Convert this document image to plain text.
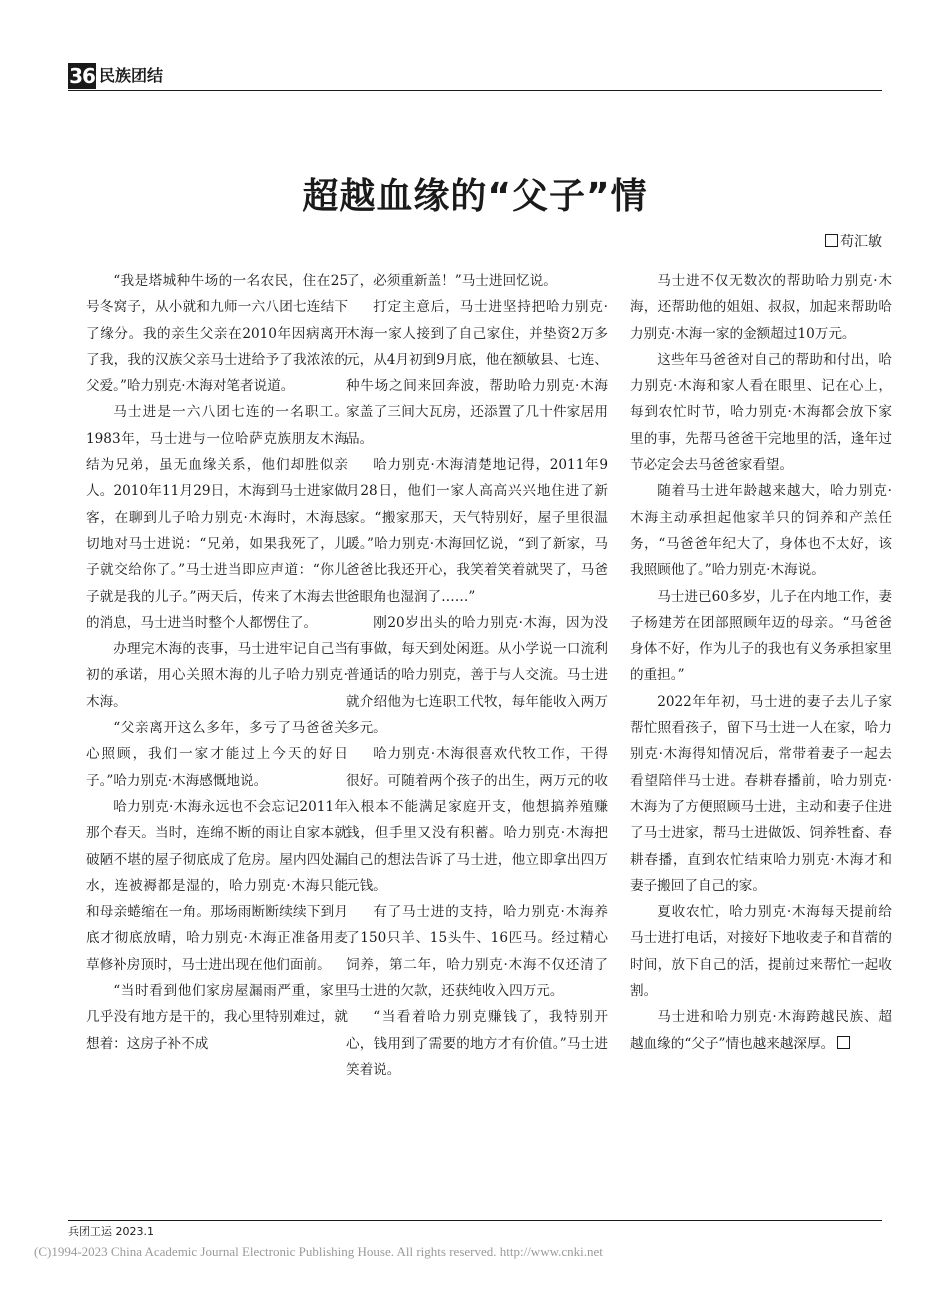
36 民族团结
超越血缘的“父子”情
苟汇敏

“我是塔城种牛场的一名农民，住在25号冬窝子，从小就和九师一六八团七连结下了缘分。我的亲生父亲在2010年因病离开了我，我的汉族父亲马士进给予了我浓浓的父爱。”哈力别克·木海对笔者说道。

马士进是一六八团七连的一名职工。1983年，马士进与一位哈萨克族朋友木海结为兄弟，虽无血缘关系，他们却胜似亲人。2010年11月29日，木海到马士进家做客，在聊到儿子哈力别克·木海时，木海恳切地对马士进说：“兄弟，如果我死了，儿子就交给你了。”马士进当即应声道：“你儿子就是我的儿子。”两天后，传来了木海去世的消息，马士进当时整个人都愣住了。

办理完木海的丧事，马士进牢记自己当初的承诺，用心关照木海的儿子哈力别克·木海。

“父亲离开这么多年，多亏了马爸爸关心照顾，我们一家才能过上今天的好日子。”哈力别克·木海感慨地说。

哈力别克·木海永远也不会忘记2011年那个春天。当时，连绵不断的雨让自家本就破陋不堪的屋子彻底成了危房。屋内四处漏水，连被褥都是湿的，哈力别克·木海只能和母亲蜷缩在一角。那场雨断断续续下到月底才彻底放晴，哈力别克·木海正准备用麦草修补房顶时，马士进出现在他们面前。

“当时看到他们家房屋漏雨严重，家里几乎没有地方是干的，我心里特别难过，就想着：这房子补不成

了，必须重新盖！”马士进回忆说。

打定主意后，马士进坚持把哈力别克·木海一家人接到了自己家住，并垫资2万多元，从4月初到9月底，他在额敏县、七连、种牛场之间来回奔波，帮助哈力别克·木海家盖了三间大瓦房，还添置了几十件家居用品。

哈力别克·木海清楚地记得，2011年9月28日，他们一家人高高兴兴地住进了新家。“搬家那天，天气特别好，屋子里很温暖。”哈力别克·木海回忆说，“到了新家，马爸爸比我还开心，我笑着笑着就哭了，马爸爸眼角也湿润了……”

刚20岁出头的哈力别克·木海，因为没有事做，每天到处闲逛。从小学说一口流利普通话的哈力别克，善于与人交流。马士进就介绍他为七连职工代牧，每年能收入两万多元。

哈力别克·木海很喜欢代牧工作，干得很好。可随着两个孩子的出生，两万元的收入根本不能满足家庭开支，他想搞养殖赚钱，但手里又没有积蓄。哈力别克·木海把自己的想法告诉了马士进，他立即拿出四万元钱。

有了马士进的支持，哈力别克·木海养了150只羊、15头牛、16匹马。经过精心饲养，第二年，哈力别克·木海不仅还清了马士进的欠款，还获纯收入四万元。

“当看着哈力别克赚钱了，我特别开心，钱用到了需要的地方才有价值。”马士进笑着说。

马士进不仅无数次的帮助哈力别克·木海，还帮助他的姐姐、叔叔，加起来帮助哈力别克·木海一家的金额超过10万元。

这些年马爸爸对自己的帮助和付出，哈力别克·木海和家人看在眼里、记在心上，每到农忙时节，哈力别克·木海都会放下家里的事，先帮马爸爸干完地里的活，逢年过节必定会去马爸爸家看望。

随着马士进年龄越来越大，哈力别克·木海主动承担起他家羊只的饲养和产羔任务，“马爸爸年纪大了，身体也不太好，该我照顾他了。”哈力别克·木海说。

马士进已60多岁，儿子在内地工作，妻子杨建芳在团部照顾年迈的母亲。“马爸爸身体不好，作为儿子的我也有义务承担家里的重担。”

2022年年初，马士进的妻子去儿子家帮忙照看孩子，留下马士进一人在家，哈力别克·木海得知情况后，常带着妻子一起去看望陪伴马士进。春耕春播前，哈力别克·木海为了方便照顾马士进，主动和妻子住进了马士进家，帮马士进做饭、饲养牲畜、春耕春播，直到农忙结束哈力别克·木海才和妻子搬回了自己的家。

夏收农忙，哈力别克·木海每天提前给马士进打电话，对接好下地收麦子和苜蓿的时间，放下自己的活，提前过来帮忙一起收割。

马士进和哈力别克·木海跨越民族、超越血缘的“父子”情也越来越深厚。

兵团工运 2023.1
(C)1994-2023 China Academic Journal Electronic Publishing House. All rights reserved. http://www.cnki.net
